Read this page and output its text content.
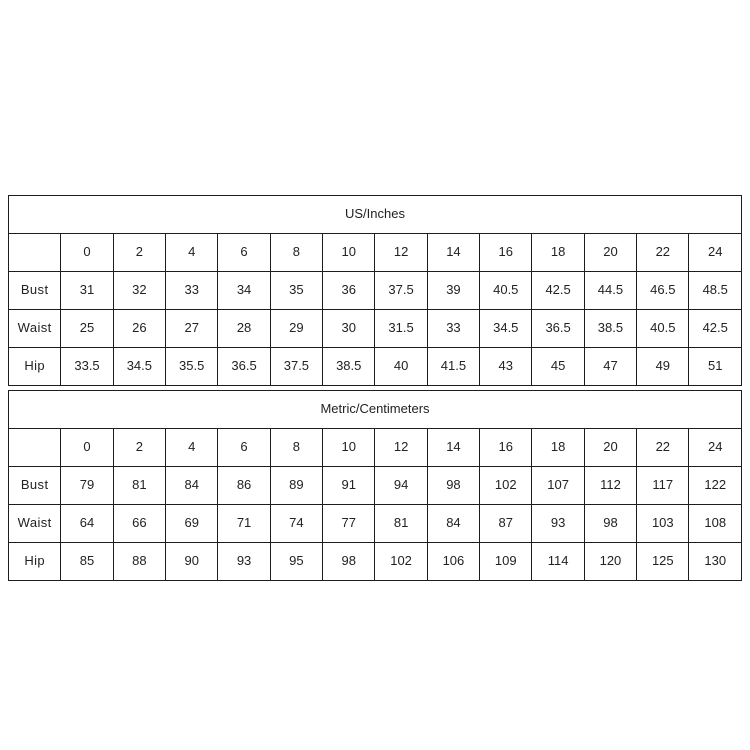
US/Inches													
	0	2	4	6	8	10	12	14	16	18	20	22	24
Bust	31	32	33	34	35	36	37.5	39	40.5	42.5	44.5	46.5	48.5
Waist	25	26	27	28	29	30	31.5	33	34.5	36.5	38.5	40.5	42.5
Hip	33.5	34.5	35.5	36.5	37.5	38.5	40	41.5	43	45	47	49	51
Metric/Centimeters													
	0	2	4	6	8	10	12	14	16	18	20	22	24
Bust	79	81	84	86	89	91	94	98	102	107	112	117	122
Waist	64	66	69	71	74	77	81	84	87	93	98	103	108
Hip	85	88	90	93	95	98	102	106	109	114	120	125	130
